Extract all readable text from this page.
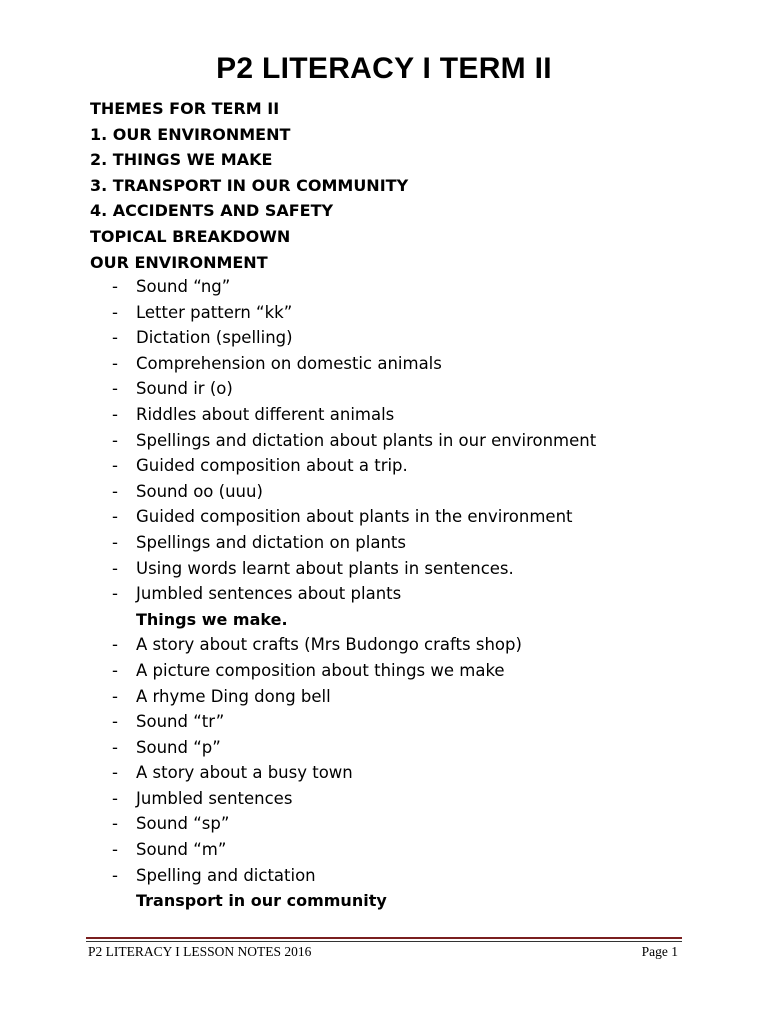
P2 LITERACY I TERM II
THEMES FOR TERM II
1. OUR ENVIRONMENT
2. THINGS WE MAKE
3. TRANSPORT IN OUR COMMUNITY
4. ACCIDENTS AND SAFETY
TOPICAL BREAKDOWN
OUR ENVIRONMENT
- Sound “ng”
- Letter pattern “kk”
- Dictation (spelling)
- Comprehension on domestic animals
- Sound ir (o)
- Riddles about different animals
- Spellings and dictation about plants in our environment
- Guided composition about a trip.
- Sound oo (uuu)
- Guided composition about plants in the environment
- Spellings and dictation on plants
- Using words learnt about plants in sentences.
- Jumbled sentences about plants
Things we make.
- A story about crafts (Mrs Budongo crafts shop)
- A picture composition about things we make
- A rhyme Ding dong bell
- Sound “tr”
- Sound “p”
- A story about a busy town
- Jumbled sentences
- Sound “sp”
- Sound “m”
- Spelling and dictation
Transport in our community
P2 LITERACY I LESSON NOTES 2016	Page 1
